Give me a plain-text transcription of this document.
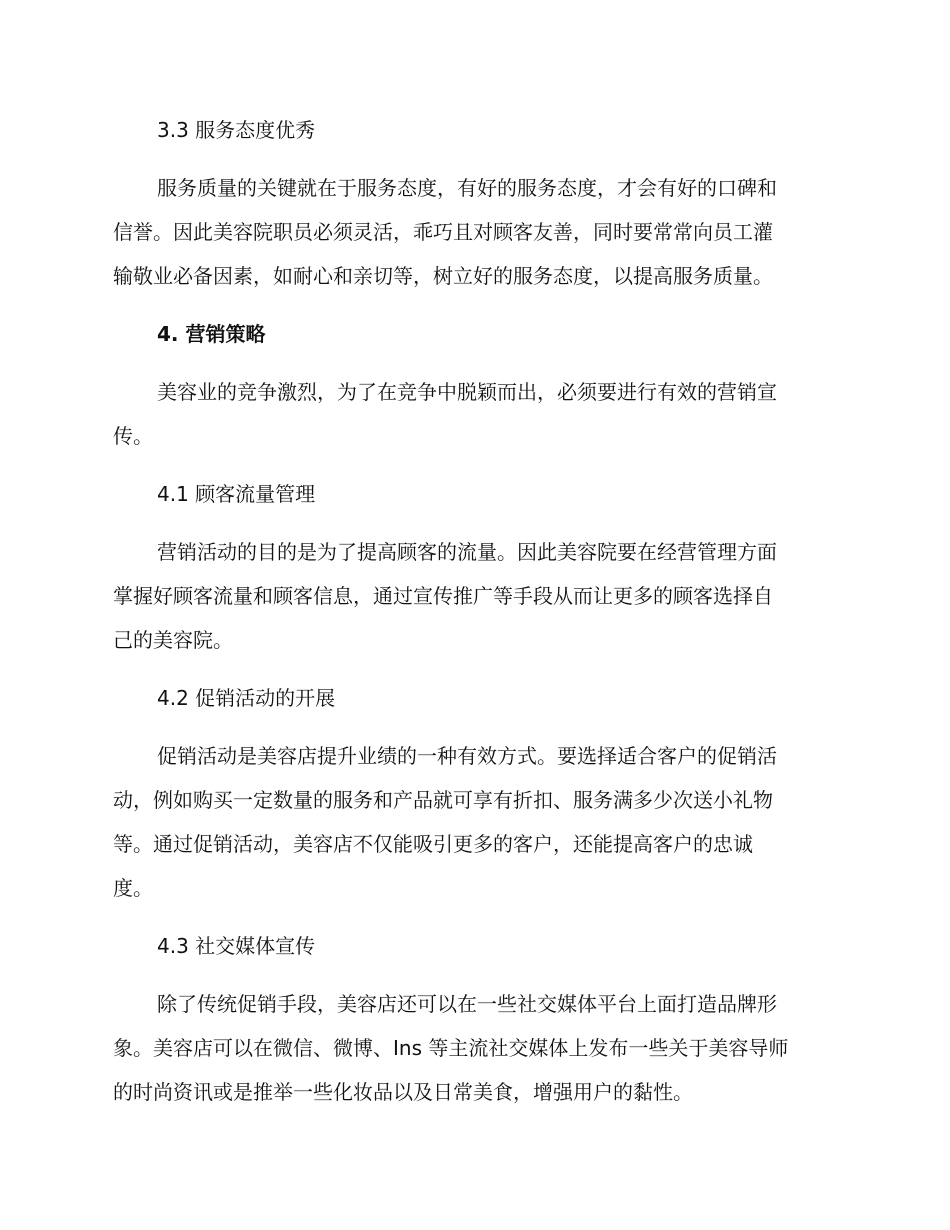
3.3 服务态度优秀

服务质量的关键就在于服务态度，有好的服务态度，才会有好的口碑和

信誉。因此美容院职员必须灵活，乖巧且对顾客友善，同时要常常向员工灌

输敬业必备因素，如耐心和亲切等，树立好的服务态度，以提高服务质量。

4. 营销策略

美容业的竞争激烈，为了在竞争中脱颖而出，必须要进行有效的营销宣

传。

4.1 顾客流量管理

营销活动的目的是为了提高顾客的流量。因此美容院要在经营管理方面

掌握好顾客流量和顾客信息，通过宣传推广等手段从而让更多的顾客选择自

己的美容院。

4.2 促销活动的开展

促销活动是美容店提升业绩的一种有效方式。要选择适合客户的促销活

动，例如购买一定数量的服务和产品就可享有折扣、服务满多少次送小礼物

等。通过促销活动，美容店不仅能吸引更多的客户，还能提高客户的忠诚

度。

4.3 社交媒体宣传

除了传统促销手段，美容店还可以在一些社交媒体平台上面打造品牌形

象。美容店可以在微信、微博、Ins 等主流社交媒体上发布一些关于美容导师

的时尚资讯或是推举一些化妆品以及日常美食，增强用户的黏性。
